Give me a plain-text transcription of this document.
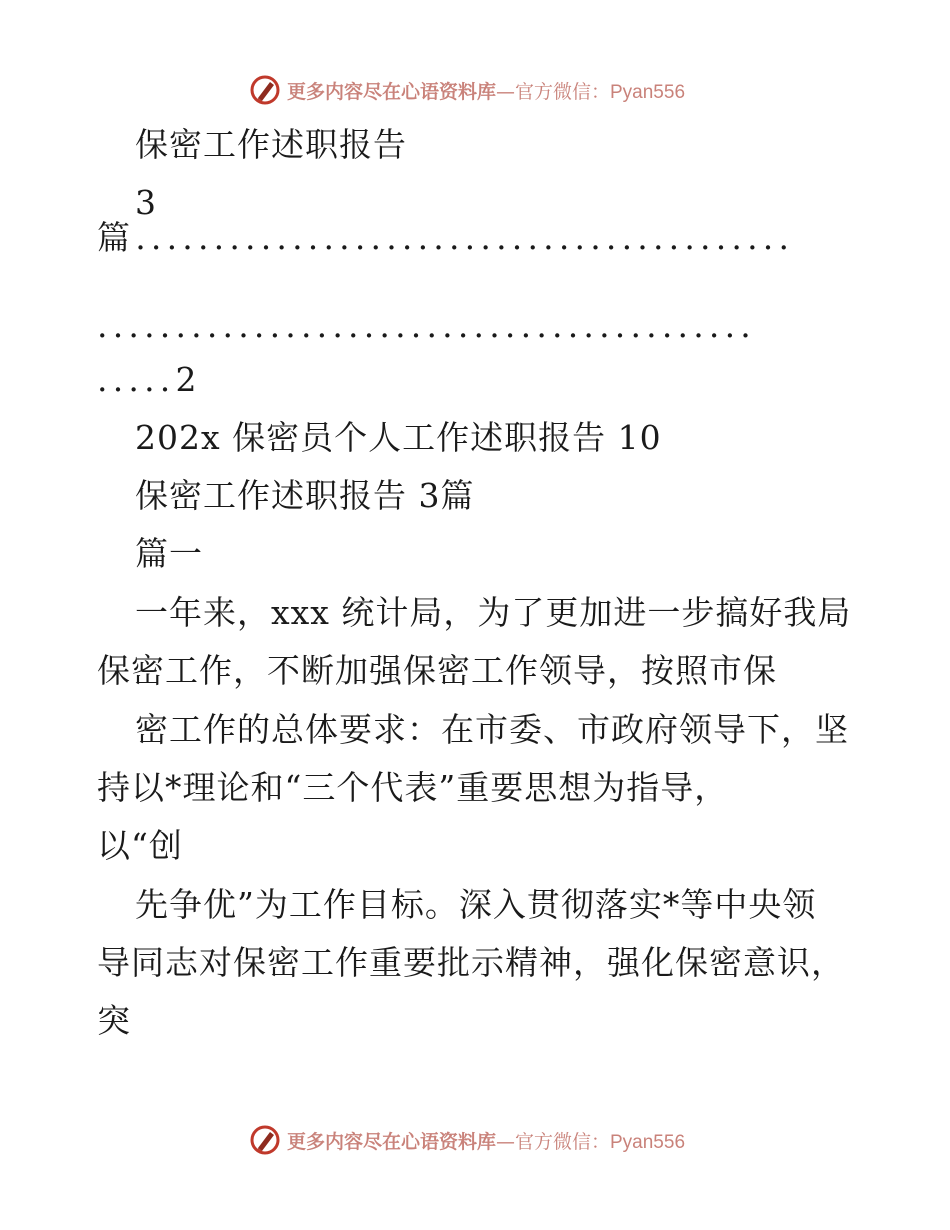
更多内容尽在心语资料库—官方微信：Pyan556
保密工作述职报告
3
篇..........................................
..........................................
.....2
202x 保密员个人工作述职报告 10
保密工作述职报告 3篇
篇一
一年来，xxx 统计局，为了更加进一步搞好我局
保密工作，不断加强保密工作领导，按照市保
密工作的总体要求：在市委、市政府领导下，坚
持以*理论和“三个代表”重要思想为指导，
以“创
先争优”为工作目标。深入贯彻落实*等中央领
导同志对保密工作重要批示精神，强化保密意识，
突
更多内容尽在心语资料库—官方微信：Pyan556
